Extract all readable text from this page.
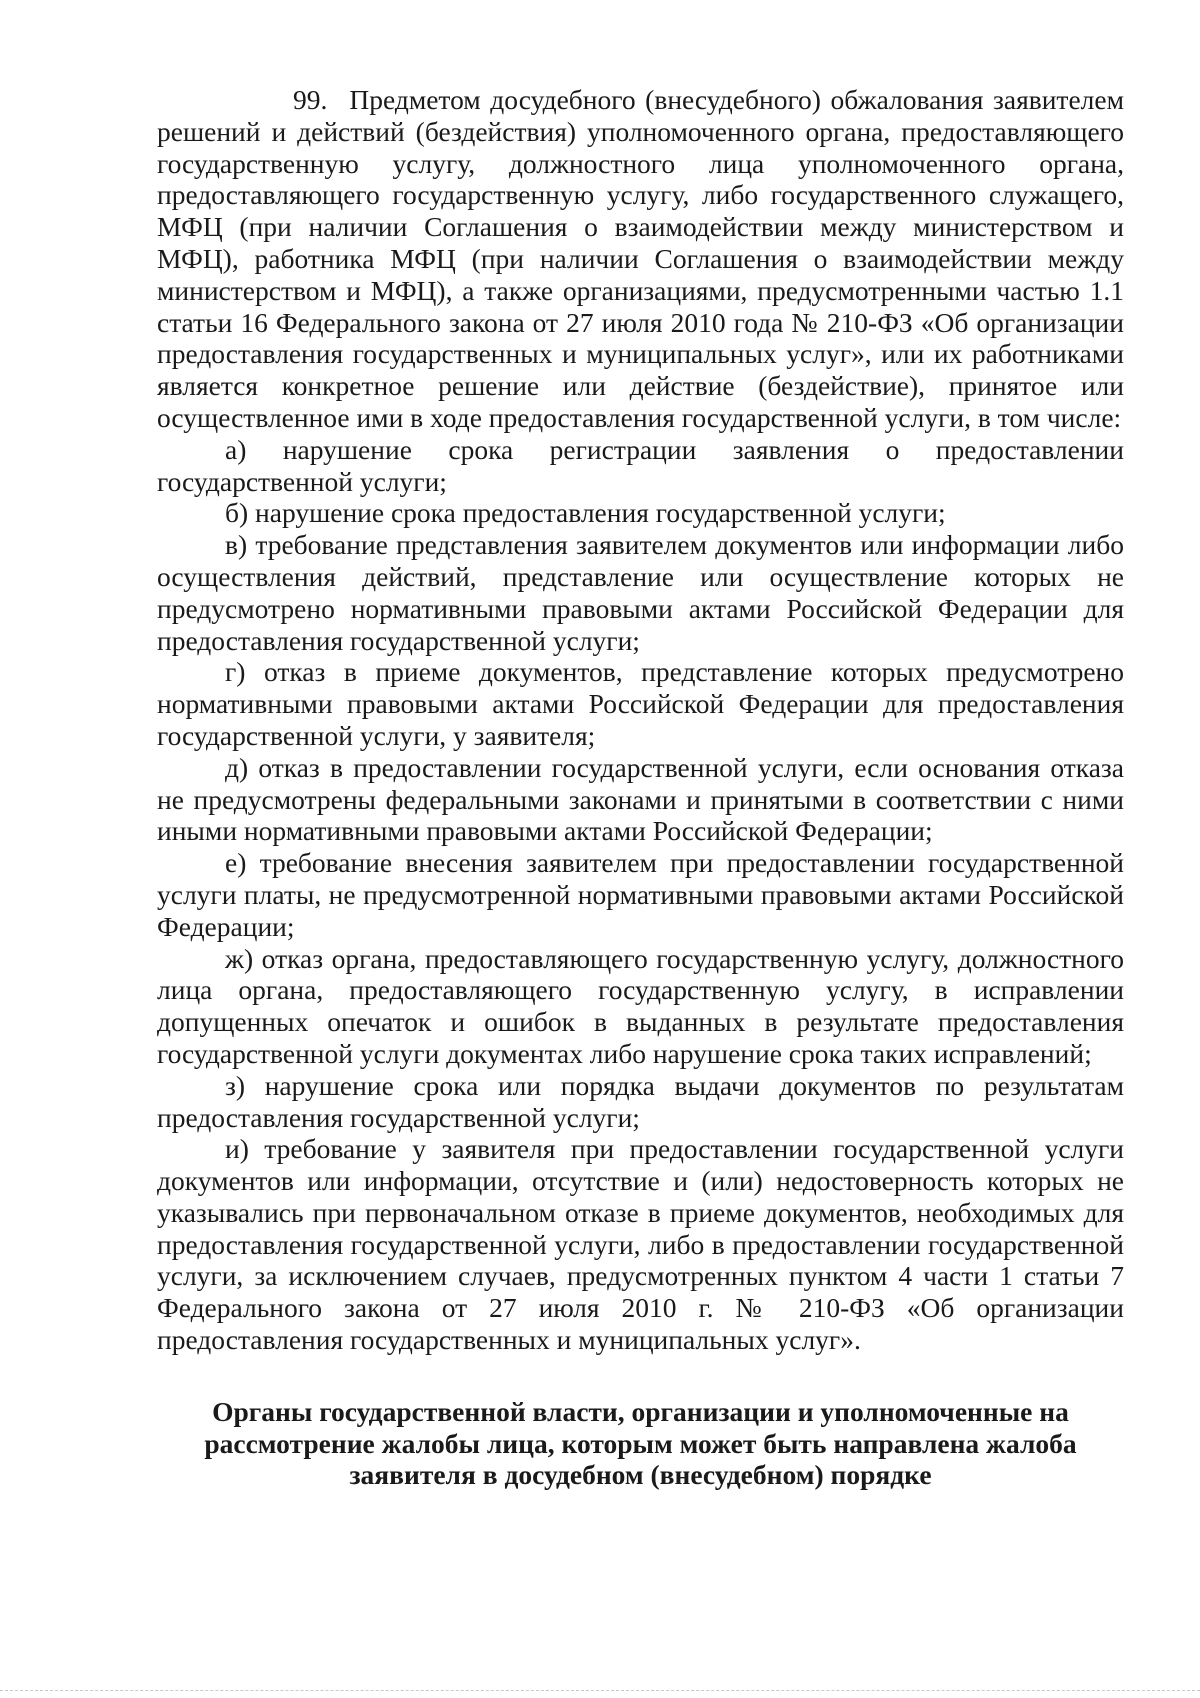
99. Предметом досудебного (внесудебного) обжалования заявителем решений и действий (бездействия) уполномоченного органа, предоставляющего государственную услугу, должностного лица уполномоченного органа, предоставляющего государственную услугу, либо государственного служащего, МФЦ (при наличии Соглашения о взаимодействии между министерством и МФЦ), работника МФЦ (при наличии Соглашения о взаимодействии между министерством и МФЦ), а также организациями, предусмотренными частью 1.1 статьи 16 Федерального закона от 27 июля 2010 года № 210-ФЗ «Об организации предоставления государственных и муниципальных услуг», или их работниками является конкретное решение или действие (бездействие), принятое или осуществленное ими в ходе предоставления государственной услуги, в том числе:

а) нарушение срока регистрации заявления о предоставлении государственной услуги;

б) нарушение срока предоставления государственной услуги;

в) требование представления заявителем документов или информации либо осуществления действий, представление или осуществление которых не предусмотрено нормативными правовыми актами Российской Федерации для предоставления государственной услуги;

г) отказ в приеме документов, представление которых предусмотрено нормативными правовыми актами Российской Федерации для предоставления государственной услуги, у заявителя;

д) отказ в предоставлении государственной услуги, если основания отказа не предусмотрены федеральными законами и принятыми в соответствии с ними иными нормативными правовыми актами Российской Федерации;

е) требование внесения заявителем при предоставлении государственной услуги платы, не предусмотренной нормативными правовыми актами Российской Федерации;

ж) отказ органа, предоставляющего государственную услугу, должностного лица органа, предоставляющего государственную услугу, в исправлении допущенных опечаток и ошибок в выданных в результате предоставления государственной услуги документах либо нарушение срока таких исправлений;

з) нарушение срока или порядка выдачи документов по результатам предоставления государственной услуги;

и) требование у заявителя при предоставлении государственной услуги документов или информации, отсутствие и (или) недостоверность которых не указывались при первоначальном отказе в приеме документов, необходимых для предоставления государственной услуги, либо в предоставлении государственной услуги, за исключением случаев, предусмотренных пунктом 4 части 1 статьи 7 Федерального закона от 27 июля 2010 г. № 210-ФЗ «Об организации предоставления государственных и муниципальных услуг».

Органы государственной власти, организации и уполномоченные на
рассмотрение жалобы лица, которым может быть направлена жалоба
заявителя в досудебном (внесудебном) порядке
